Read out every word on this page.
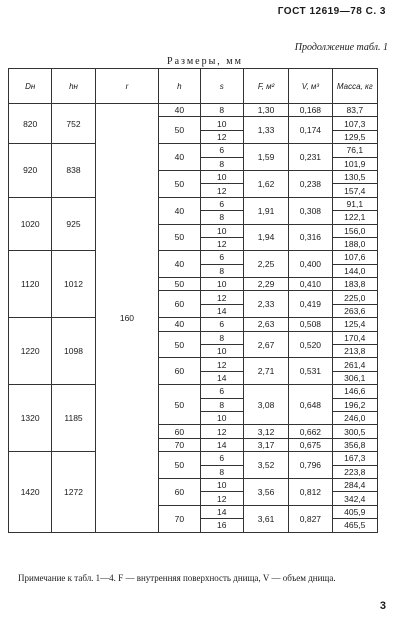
ГОСТ 12619—78 С. 3
Продолжение табл. 1
Размеры, мм
Dн	hн	r	h	s	F, м²	V, м³	Масса, кг
820	752	160	40	8	1,30	0,168	83,7
			50	10	1,33	0,174	107,3
				12			129,5
920	838		40	6	1,59	0,231	76,1
				8			101,9
			50	10	1,62	0,238	130,5
				12			157,4
1020	925		40	6	1,91	0,308	91,1
				8			122,1
			50	10	1,94	0,316	156,0
				12			188,0
1120	1012		40	6	2,25	0,400	107,6
				8			144,0
			50	10	2,29	0,410	183,8
			60	12	2,33	0,419	225,0
				14			263,6
1220	1098		40	6	2,63	0,508	125,4
			50	8	2,67	0,520	170,4
				10			213,8
			60	12	2,71	0,531	261,4
				14			306,1
1320	1185		50	6	3,08	0,648	146,6
				8			196,2
				10			246,0
			60	12	3,12	0,662	300,5
			70	14	3,17	0,675	356,8
1420	1272		50	6	3,52	0,796	167,3
				8			223,8
			60	10	3,56	0,812	284,4
				12			342,4
			70	14	3,61	0,827	405,9
				16			465,5
Примечание к табл. 1—4. F — внутренняя поверхность днища, V — объем днища.
3
